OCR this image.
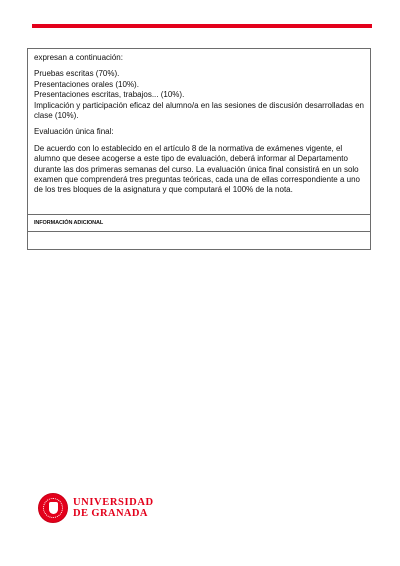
expresan a continuación:

Pruebas escritas (70%).
Presentaciones orales (10%).
Presentaciones escritas, trabajos... (10%).
Implicación y participación eficaz del alumno/a en las sesiones de discusión desarrolladas en clase (10%).

Evaluación única final:

De acuerdo con lo establecido en el artículo 8 de la normativa de exámenes vigente, el alumno que desee acogerse a este tipo de evaluación, deberá informar al Departamento durante las dos primeras semanas del curso. La evaluación única final consistirá en un solo examen que comprenderá tres preguntas teóricas, cada una de ellas correspondiente a uno de los tres bloques de la asignatura y que computará el 100% de la nota.

INFORMACIÓN ADICIONAL
UNIVERSIDAD
DE GRANADA
